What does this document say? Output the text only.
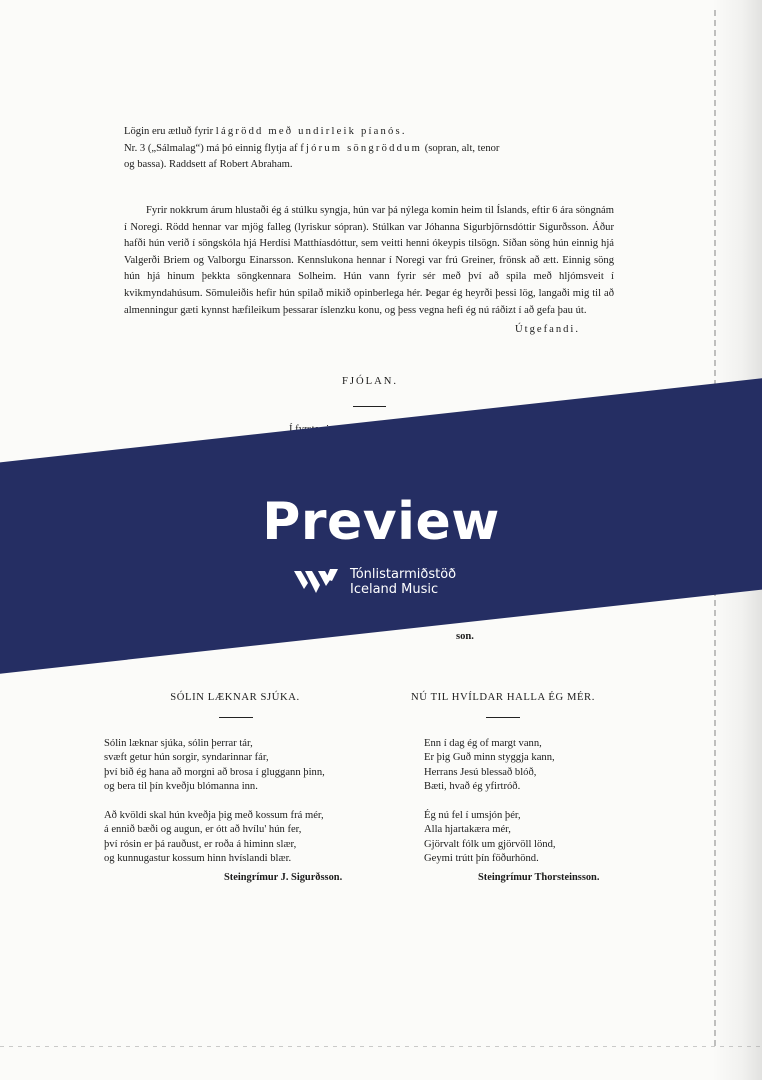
Lögin eru ætluð fyrir lágrödd með undirleik píanós.
Nr. 3 („Sálmalag“) má þó einnig flytja af fjórum söngröddum (sopran, alt, tenor
og bassa). Raddsett af Robert Abraham.

Fyrir nokkrum árum hlustaði ég á stúlku syngja, hún var þá nýlega komin heim til Íslands, eftir 6 ára söngnám í Noregi. Rödd hennar var mjög falleg (lyriskur sópran). Stúlkan var Jóhanna Sigurbjörnsdóttir Sigurðsson. Áður hafði hún verið í söngskóla hjá Herdísi Matthíasdóttur, sem veitti henni ókeypis tilsögn. Síðan söng hún einnig hjá Valgerði Briem og Valborgu Einarsson. Kennslukona hennar í Noregi var frú Greiner, frönsk að ætt. Einnig söng hún hjá hinum þekkta söngkennara Solheim. Hún vann fyrir sér með því að spila með hljómsveit í kvikmyndahúsum. Sömuleiðis hefir hún spilað mikið opinberlega hér. Þegar ég heyrði þessi lög, langaði mig til að almenningur gæti kynnst hæfileikum þessarar íslenzku konu, og þess vegna hefi ég nú ráðizt í að gefa þau út.

Útgefandi.
FJÓLAN.
son.
Preview
Tónlistarmiðstöð
Iceland Music
SÓLIN LÆKNAR SJÚKA.
Sólin læknar sjúka, sólin þerrar tár,
svæft getur hún sorgir, syndarinnar fár,
því bið ég hana að morgni að brosa í gluggann þinn,
og bera til þín kveðju blómanna inn.
Að kvöldi skal hún kveðja þig með kossum frá mér,
á ennið bæði og augun, er ótt að hvílu' hún fer,
því rósin er þá rauðust, er roða á himinn slær,
og kunnugastur kossum hinn hvíslandi blær.
Steingrímur J. Sigurðsson.
NÚ TIL HVÍLDAR HALLA ÉG MÉR.
Enn í dag ég of margt vann,
Er þig Guð minn styggja kann,
Herrans Jesú blessað blóð,
Bæti, hvað ég yfirtróð.
Ég nú fel í umsjón þér,
Alla hjartakæra mér,
Gjörvalt fólk um gjörvöll lönd,
Geymi trútt þín föðurhönd.
Steingrímur Thorsteinsson.
